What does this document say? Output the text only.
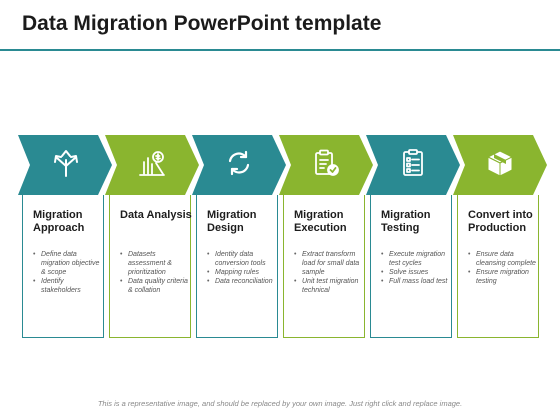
Data Migration PowerPoint template
Migration Approach
• Define data migration objective & scope
• Identify stakeholders
Data Analysis
• Datasets assessment & prioritization
• Data quality criteria & collation
Migration Design
• Identity data conversion tools
• Mapping rules
• Data reconciliation
Migration Execution
• Extract transform load for small data sample
• Unit test migration technical
Migration Testing
• Execute migration test cycles
• Solve issues
• Full mass load test
Convert into Production
• Ensure data cleansing complete
• Ensure migration testing
This is a representative image, and should be replaced by your own image. Just right click and replace image.
